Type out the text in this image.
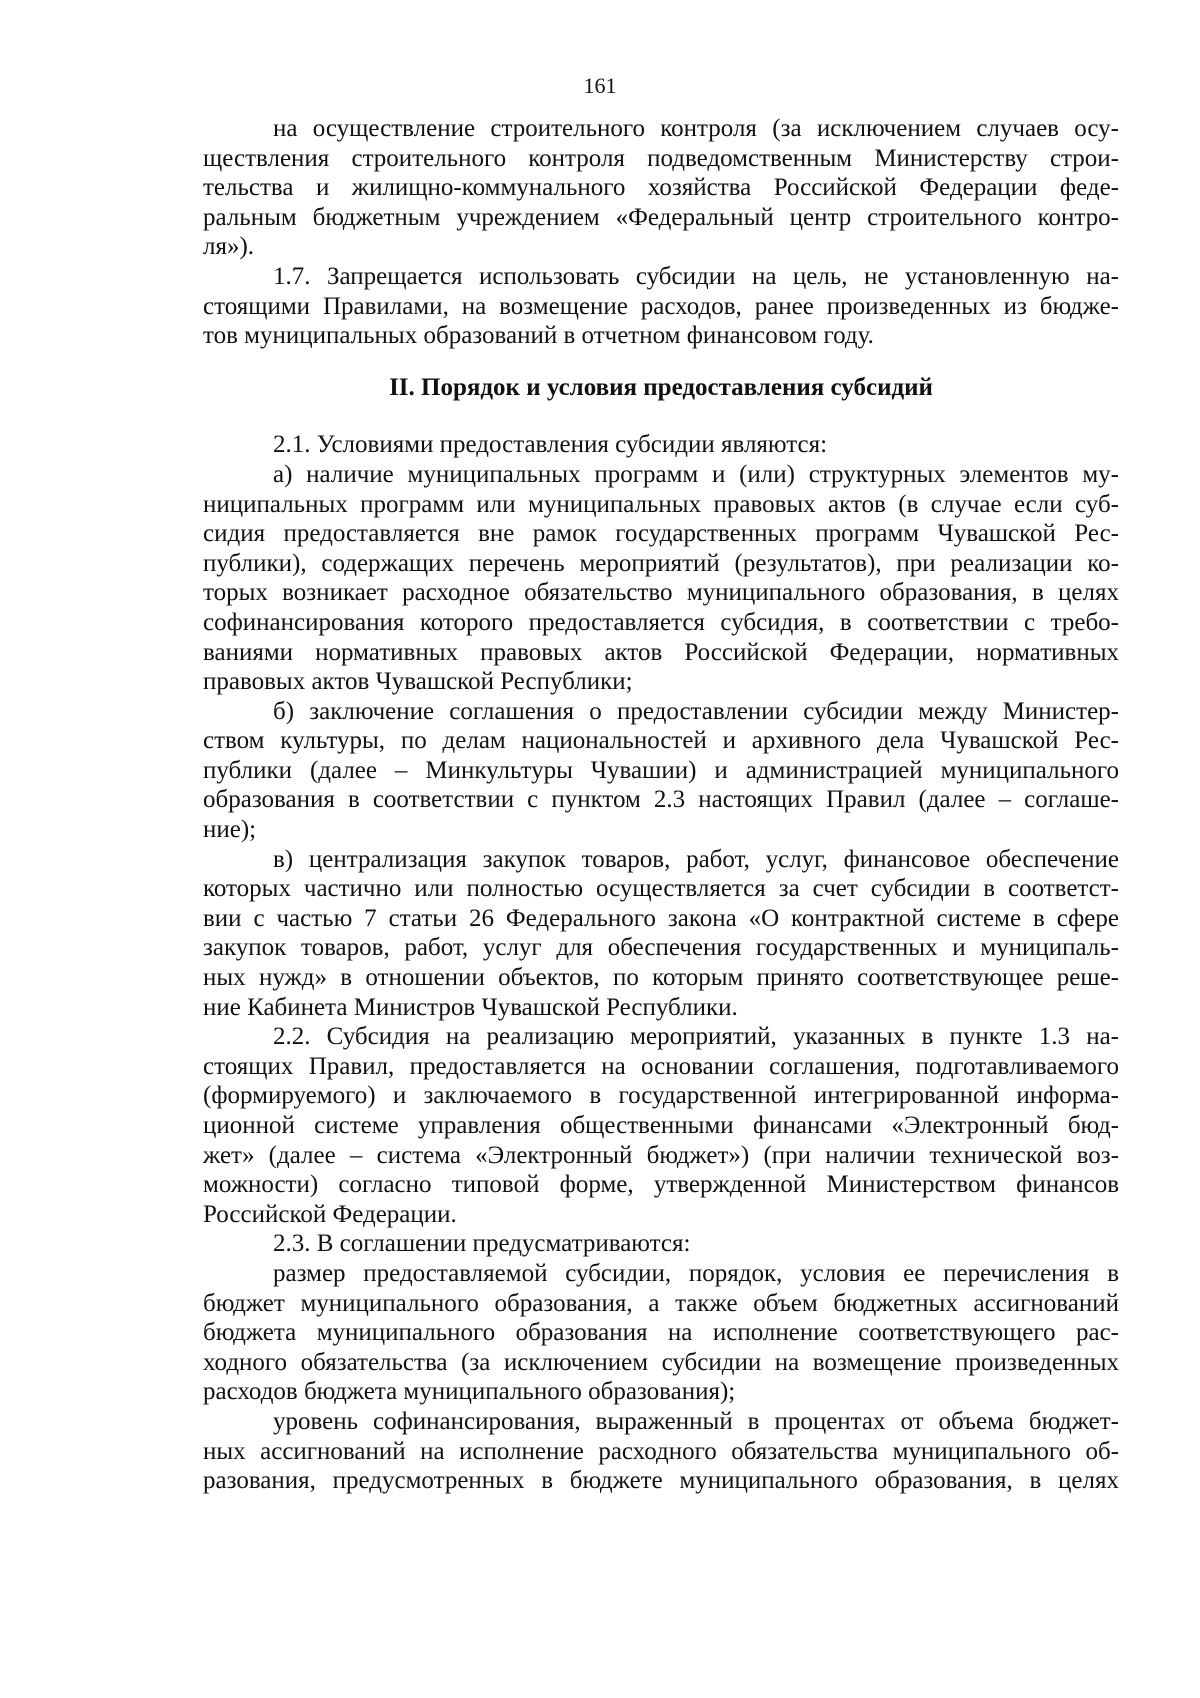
161
на осуществление строительного контроля (за исключением случаев осу-
ществления строительного контроля подведомственным Министерству строи-
тельства и жилищно-коммунального хозяйства Российской Федерации феде-
ральным бюджетным учреждением «Федеральный центр строительного контро-
ля»).
1.7. Запрещается использовать субсидии на цель, не установленную на-
стоящими Правилами, на возмещение расходов, ранее произведенных из бюдже-
тов муниципальных образований в отчетном финансовом году.
II. Порядок и условия предоставления субсидий
2.1. Условиями предоставления субсидии являются:
а) наличие муниципальных программ и (или) структурных элементов му-
ниципальных программ или муниципальных правовых актов (в случае если суб-
сидия предоставляется вне рамок государственных программ Чувашской Рес-
публики), содержащих перечень мероприятий (результатов), при реализации ко-
торых возникает расходное обязательство муниципального образования, в целях
софинансирования которого предоставляется субсидия, в соответствии с требо-
ваниями нормативных правовых актов Российской Федерации, нормативных
правовых актов Чувашской Республики;
б) заключение соглашения о предоставлении субсидии между Министер-
ством культуры, по делам национальностей и архивного дела Чувашской Рес-
публики (далее – Минкультуры Чувашии) и администрацией муниципального
образования в соответствии с пунктом 2.3 настоящих Правил (далее – соглаше-
ние);
в) централизация закупок товаров, работ, услуг, финансовое обеспечение
которых частично или полностью осуществляется за счет субсидии в соответст-
вии с частью 7 статьи 26 Федерального закона «О контрактной системе в сфере
закупок товаров, работ, услуг для обеспечения государственных и муниципаль-
ных нужд» в отношении объектов, по которым принято соответствующее реше-
ние Кабинета Министров Чувашской Республики.
2.2. Субсидия на реализацию мероприятий, указанных в пункте 1.3 на-
стоящих Правил, предоставляется на основании соглашения, подготавливаемого
(формируемого) и заключаемого в государственной интегрированной информа-
ционной системе управления общественными финансами «Электронный бюд-
жет» (далее – система «Электронный бюджет») (при наличии технической воз-
можности) согласно типовой форме, утвержденной Министерством финансов
Российской Федерации.
2.3. В соглашении предусматриваются:
размер предоставляемой субсидии, порядок, условия ее перечисления в
бюджет муниципального образования, а также объем бюджетных ассигнований
бюджета муниципального образования на исполнение соответствующего рас-
ходного обязательства (за исключением субсидии на возмещение произведенных
расходов бюджета муниципального образования);
уровень софинансирования, выраженный в процентах от объема бюджет-
ных ассигнований на исполнение расходного обязательства муниципального об-
разования, предусмотренных в бюджете муниципального образования, в целях
